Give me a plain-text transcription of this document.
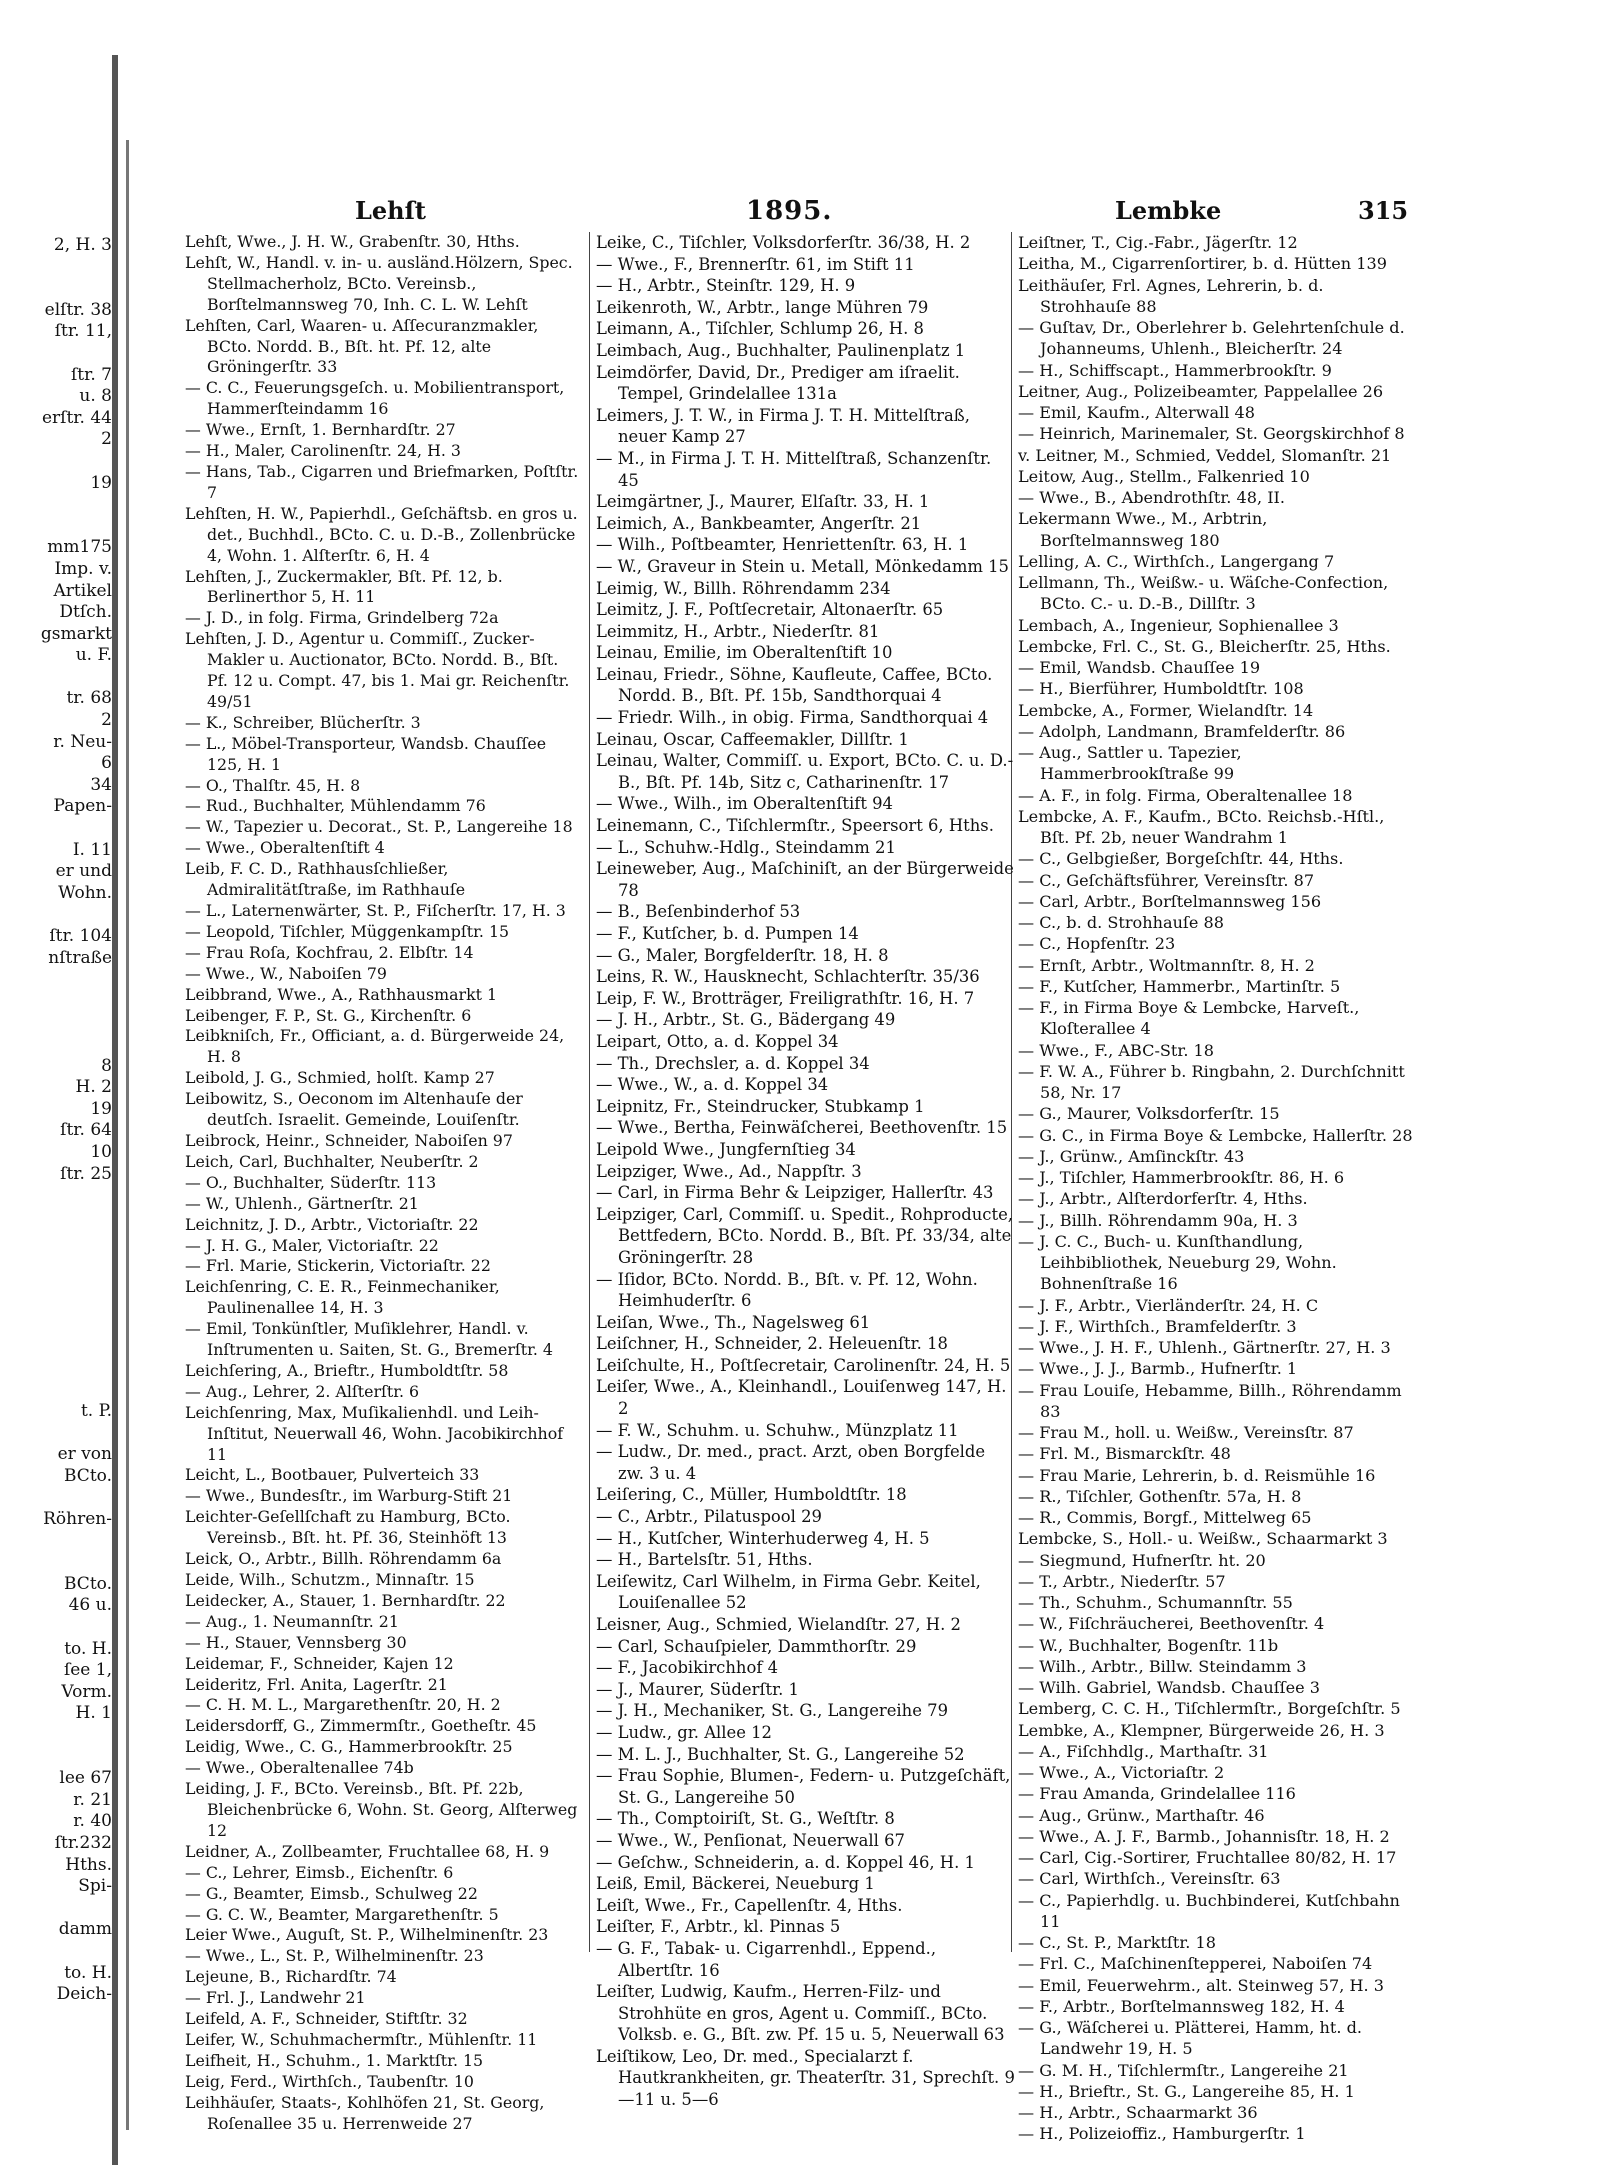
2, H. 3
elſtr. 38
ſtr. 11,
ſtr. 7
u. 8
erſtr. 44
2
19
mm175
Imp. v.
Artikel
Dtſch.
gsmarkt
u. F.
tr. 68
2
r. Neu-
6
34
Papen-
I. 11
er und
Wohn.
ſtr. 104
nſtraße
8
H. 2
19
ſtr. 64
10
ſtr. 25
t. P.
er von
BCto.
Röhren-
BCto.
46 u.
to. H.
ſee 1,
Vorm.
H. 1
lee 67
r. 21
r. 40
ſtr.232
Hths.
Spi-
damm
to. H.
Deich-
Lehſt	1895.	Lembke	315
Lehſt, Wwe., J. H. W., Grabenſtr. 30, Hths.
Lehſt, W., Handl. v. in- u. ausländ.Hölzern, Spec. Stellmacherholz, BCto. Vereinsb., Borſtelmannsweg 70, Inh. C. L. W. Lehſt
Lehſten, Carl, Waaren- u. Aſſecuranzmakler, BCto. Nordd. B., Bſt. ht. Pf. 12, alte Gröningerſtr. 33
— C. C., Feuerungsgeſch. u. Mobilientransport, Hammerſteindamm 16
— Wwe., Ernſt, 1. Bernhardſtr. 27
— H., Maler, Carolinenſtr. 24, H. 3
— Hans, Tab., Cigarren und Briefmarken, Poſtſtr. 7
Lehſten, H. W., Papierhdl., Geſchäftsb. en gros u. det., Buchhdl., BCto. C. u. D.-B., Zollenbrücke 4, Wohn. 1. Alſterſtr. 6, H. 4
Lehſten, J., Zuckermakler, Bſt. Pf. 12, b. Berlinerthor 5, H. 11
— J. D., in folg. Firma, Grindelberg 72a
Lehſten, J. D., Agentur u. Commiſſ., Zucker-Makler u. Auctionator, BCto. Nordd. B., Bſt. Pf. 12 u. Compt. 47, bis 1. Mai gr. Reichenſtr. 49/51
— K., Schreiber, Blücherſtr. 3
— L., Möbel-Transporteur, Wandsb. Chauſſee 125, H. 1
— O., Thalſtr. 45, H. 8
— Rud., Buchhalter, Mühlendamm 76
— W., Tapezier u. Decorat., St. P., Langereihe 18
— Wwe., Oberaltenſtift 4
Leib, F. C. D., Rathhausſchließer, Admiralitätſtraße, im Rathhauſe
— L., Laternenwärter, St. P., Fiſcherſtr. 17, H. 3
— Leopold, Tiſchler, Müggenkampſtr. 15
— Frau Roſa, Kochfrau, 2. Elbſtr. 14
— Wwe., W., Naboiſen 79
Leibbrand, Wwe., A., Rathhausmarkt 1
Leibenger, F. P., St. G., Kirchenſtr. 6
Leibkniſch, Fr., Officiant, a. d. Bürgerweide 24, H. 8
Leibold, J. G., Schmied, holſt. Kamp 27
Leibowitz, S., Oeconom im Altenhauſe der deutſch. Israelit. Gemeinde, Louiſenſtr.
Leibrock, Heinr., Schneider, Naboiſen 97
Leich, Carl, Buchhalter, Neuberſtr. 2
— O., Buchhalter, Süderſtr. 113
— W., Uhlenh., Gärtnerſtr. 21
Leichnitz, J. D., Arbtr., Victoriaſtr. 22
— J. H. G., Maler, Victoriaſtr. 22
— Frl. Marie, Stickerin, Victoriaſtr. 22
Leichſenring, C. E. R., Feinmechaniker, Paulinenallee 14, H. 3
— Emil, Tonkünſtler, Muſiklehrer, Handl. v. Inſtrumenten u. Saiten, St. G., Bremerſtr. 4
Leichſering, A., Brieftr., Humboldtſtr. 58
— Aug., Lehrer, 2. Alſterſtr. 6
Leichſenring, Max, Muſikalienhdl. und Leih-Inſtitut, Neuerwall 46, Wohn. Jacobikirchhof 11
Leicht, L., Bootbauer, Pulverteich 33
— Wwe., Bundesſtr., im Warburg-Stift 21
Leichter-Geſellſchaft zu Hamburg, BCto. Vereinsb., Bſt. ht. Pf. 36, Steinhöft 13
Leick, O., Arbtr., Billh. Röhrendamm 6a
Leide, Wilh., Schutzm., Minnaſtr. 15
Leidecker, A., Stauer, 1. Bernhardſtr. 22
— Aug., 1. Neumannſtr. 21
— H., Stauer, Vennsberg 30
Leidemar, F., Schneider, Kajen 12
Leideritz, Frl. Anita, Lagerſtr. 21
— C. H. M. L., Margarethenſtr. 20, H. 2
Leidersdorff, G., Zimmermſtr., Goetheſtr. 45
Leidig, Wwe., C. G., Hammerbrookſtr. 25
— Wwe., Oberaltenallee 74b
Leiding, J. F., BCto. Vereinsb., Bſt. Pf. 22b, Bleichenbrücke 6, Wohn. St. Georg, Alſterweg 12
Leidner, A., Zollbeamter, Fruchtallee 68, H. 9
— C., Lehrer, Eimsb., Eichenſtr. 6
— G., Beamter, Eimsb., Schulweg 22
— G. C. W., Beamter, Margarethenſtr. 5
Leier Wwe., Auguſt, St. P., Wilhelminenſtr. 23
— Wwe., L., St. P., Wilhelminenſtr. 23
Lejeune, B., Richardſtr. 74
— Frl. J., Landwehr 21
Leifeld, A. F., Schneider, Stiftſtr. 32
Leifer, W., Schuhmachermſtr., Mühlenſtr. 11
Leifheit, H., Schuhm., 1. Marktſtr. 15
Leig, Ferd., Wirthſch., Taubenſtr. 10
Leihhäuſer, Staats-, Kohlhöfen 21, St. Georg, Roſenallee 35 u. Herrenweide 27
Leike, C., Tiſchler, Volksdorferſtr. 36/38, H. 2
— Wwe., F., Brennerſtr. 61, im Stift 11
— H., Arbtr., Steinſtr. 129, H. 9
Leikenroth, W., Arbtr., lange Mühren 79
Leimann, A., Tiſchler, Schlump 26, H. 8
Leimbach, Aug., Buchhalter, Paulinenplatz 1
Leimdörfer, David, Dr., Prediger am iſraelit. Tempel, Grindelallee 131a
Leimers, J. T. W., in Firma J. T. H. Mittelſtraß, neuer Kamp 27
— M., in Firma J. T. H. Mittelſtraß, Schanzenſtr. 45
Leimgärtner, J., Maurer, Elſaſtr. 33, H. 1
Leimich, A., Bankbeamter, Angerſtr. 21
— Wilh., Poſtbeamter, Henriettenſtr. 63, H. 1
— W., Graveur in Stein u. Metall, Mönkedamm 15
Leimig, W., Billh. Röhrendamm 234
Leimitz, J. F., Poſtſecretair, Altonaerſtr. 65
Leimmitz, H., Arbtr., Niederſtr. 81
Leinau, Emilie, im Oberaltenſtift 10
Leinau, Friedr., Söhne, Kaufleute, Caffee, BCto. Nordd. B., Bſt. Pf. 15b, Sandthorquai 4
— Friedr. Wilh., in obig. Firma, Sandthorquai 4
Leinau, Oscar, Caffeemakler, Dillſtr. 1
Leinau, Walter, Commiſſ. u. Export, BCto. C. u. D.-B., Bſt. Pf. 14b, Sitz c, Catharinenſtr. 17
— Wwe., Wilh., im Oberaltenſtift 94
Leinemann, C., Tiſchlermſtr., Speersort 6, Hths.
— L., Schuhw.-Hdlg., Steindamm 21
Leineweber, Aug., Maſchiniſt, an der Bürgerweide 78
— B., Beſenbinderhof 53
— F., Kutſcher, b. d. Pumpen 14
— G., Maler, Borgfelderſtr. 18, H. 8
Leins, R. W., Hausknecht, Schlachterſtr. 35/36
Leip, F. W., Brotträger, Freiligrathſtr. 16, H. 7
— J. H., Arbtr., St. G., Bädergang 49
Leipart, Otto, a. d. Koppel 34
— Th., Drechsler, a. d. Koppel 34
— Wwe., W., a. d. Koppel 34
Leipnitz, Fr., Steindrucker, Stubkamp 1
— Wwe., Bertha, Feinwäſcherei, Beethovenſtr. 15
Leipold Wwe., Jungfernſtieg 34
Leipziger, Wwe., Ad., Nappſtr. 3
— Carl, in Firma Behr & Leipziger, Hallerſtr. 43
Leipziger, Carl, Commiſſ. u. Spedit., Rohproducte, Bettfedern, BCto. Nordd. B., Bſt. Pf. 33/34, alte Gröningerſtr. 28
— Iſidor, BCto. Nordd. B., Bſt. v. Pf. 12, Wohn. Heimhuderſtr. 6
Leiſan, Wwe., Th., Nagelsweg 61
Leiſchner, H., Schneider, 2. Heleuenſtr. 18
Leiſchulte, H., Poſtſecretair, Carolinenſtr. 24, H. 5
Leiſer, Wwe., A., Kleinhandl., Louiſenweg 147, H. 2
— F. W., Schuhm. u. Schuhw., Münzplatz 11
— Ludw., Dr. med., pract. Arzt, oben Borgfelde zw. 3 u. 4
Leiſering, C., Müller, Humboldtſtr. 18
— C., Arbtr., Pilatuspool 29
— H., Kutſcher, Winterhuderweg 4, H. 5
— H., Bartelsſtr. 51, Hths.
Leiſewitz, Carl Wilhelm, in Firma Gebr. Keitel, Louiſenallee 52
Leisner, Aug., Schmied, Wielandſtr. 27, H. 2
— Carl, Schauſpieler, Dammthorſtr. 29
— F., Jacobikirchhof 4
— J., Maurer, Süderſtr. 1
— J. H., Mechaniker, St. G., Langereihe 79
— Ludw., gr. Allee 12
— M. L. J., Buchhalter, St. G., Langereihe 52
— Frau Sophie, Blumen-, Federn- u. Putzgeſchäft, St. G., Langereihe 50
— Th., Comptoiriſt, St. G., Weſtſtr. 8
— Wwe., W., Penſionat, Neuerwall 67
— Geſchw., Schneiderin, a. d. Koppel 46, H. 1
Leiß, Emil, Bäckerei, Neueburg 1
Leiſt, Wwe., Fr., Capellenſtr. 4, Hths.
Leiſter, F., Arbtr., kl. Pinnas 5
— G. F., Tabak- u. Cigarrenhdl., Eppend., Albertſtr. 16
Leiſter, Ludwig, Kaufm., Herren-Filz- und Strohhüte en gros, Agent u. Commiſſ., BCto. Volksb. e. G., Bſt. zw. Pf. 15 u. 5, Neuerwall 63
Leiſtikow, Leo, Dr. med., Specialarzt f. Hautkrankheiten, gr. Theaterſtr. 31, Sprechſt. 9—11 u. 5—6
Leiſtner, T., Cig.-Fabr., Jägerſtr. 12
Leitha, M., Cigarrenſortirer, b. d. Hütten 139
Leithäuſer, Frl. Agnes, Lehrerin, b. d. Strohhauſe 88
— Guſtav, Dr., Oberlehrer b. Gelehrtenſchule d. Johanneums, Uhlenh., Bleicherſtr. 24
— H., Schiffscapt., Hammerbrookſtr. 9
Leitner, Aug., Polizeibeamter, Pappelallee 26
— Emil, Kaufm., Alterwall 48
— Heinrich, Marinemaler, St. Georgskirchhof 8
v. Leitner, M., Schmied, Veddel, Slomanſtr. 21
Leitow, Aug., Stellm., Falkenried 10
— Wwe., B., Abendrothſtr. 48, II.
Lekermann Wwe., M., Arbtrin, Borſtelmannsweg 180
Lelling, A. C., Wirthſch., Langergang 7
Lellmann, Th., Weißw.- u. Wäſche-Confection, BCto. C.- u. D.-B., Dillſtr. 3
Lembach, A., Ingenieur, Sophienallee 3
Lembcke, Frl. C., St. G., Bleicherſtr. 25, Hths.
— Emil, Wandsb. Chauſſee 19
— H., Bierführer, Humboldtſtr. 108
Lembcke, A., Former, Wielandſtr. 14
— Adolph, Landmann, Bramfelderſtr. 86
— Aug., Sattler u. Tapezier, Hammerbrookſtraße 99
— A. F., in folg. Firma, Oberaltenallee 18
Lembcke, A. F., Kaufm., BCto. Reichsb.-Hſtl., Bſt. Pf. 2b, neuer Wandrahm 1
— C., Gelbgießer, Borgeſchſtr. 44, Hths.
— C., Geſchäftsführer, Vereinsſtr. 87
— Carl, Arbtr., Borſtelmannsweg 156
— C., b. d. Strohhauſe 88
— C., Hopfenſtr. 23
— Ernſt, Arbtr., Woltmannſtr. 8, H. 2
— F., Kutſcher, Hammerbr., Martinſtr. 5
— F., in Firma Boye & Lembcke, Harveſt., Kloſterallee 4
— Wwe., F., ABC-Str. 18
— F. W. A., Führer b. Ringbahn, 2. Durchſchnitt 58, Nr. 17
— G., Maurer, Volksdorferſtr. 15
— G. C., in Firma Boye & Lembcke, Hallerſtr. 28
— J., Grünw., Amſinckſtr. 43
— J., Tiſchler, Hammerbrookſtr. 86, H. 6
— J., Arbtr., Alſterdorferſtr. 4, Hths.
— J., Billh. Röhrendamm 90a, H. 3
— J. C. C., Buch- u. Kunſthandlung, Leihbibliothek, Neueburg 29, Wohn. Bohnenſtraße 16
— J. F., Arbtr., Vierländerſtr. 24, H. C
— J. F., Wirthſch., Bramfelderſtr. 3
— Wwe., J. H. F., Uhlenh., Gärtnerſtr. 27, H. 3
— Wwe., J. J., Barmb., Hufnerſtr. 1
— Frau Louiſe, Hebamme, Billh., Röhrendamm 83
— Frau M., holl. u. Weißw., Vereinsſtr. 87
— Frl. M., Bismarckſtr. 48
— Frau Marie, Lehrerin, b. d. Reismühle 16
— R., Tiſchler, Gothenſtr. 57a, H. 8
— R., Commis, Borgf., Mittelweg 65
Lembcke, S., Holl.- u. Weißw., Schaarmarkt 3
— Siegmund, Hufnerſtr. ht. 20
— T., Arbtr., Niederſtr. 57
— Th., Schuhm., Schumannſtr. 55
— W., Fiſchräucherei, Beethovenſtr. 4
— W., Buchhalter, Bogenſtr. 11b
— Wilh., Arbtr., Billw. Steindamm 3
— Wilh. Gabriel, Wandsb. Chauſſee 3
Lemberg, C. C. H., Tiſchlermſtr., Borgeſchſtr. 5
Lembke, A., Klempner, Bürgerweide 26, H. 3
— A., Fiſchhdlg., Marthaſtr. 31
— Wwe., A., Victoriaſtr. 2
— Frau Amanda, Grindelallee 116
— Aug., Grünw., Marthaſtr. 46
— Wwe., A. J. F., Barmb., Johannisſtr. 18, H. 2
— Carl, Cig.-Sortirer, Fruchtallee 80/82, H. 17
— Carl, Wirthſch., Vereinsſtr. 63
— C., Papierhdlg. u. Buchbinderei, Kutſchbahn 11
— C., St. P., Marktſtr. 18
— Frl. C., Maſchinenſtepperei, Naboiſen 74
— Emil, Feuerwehrm., alt. Steinweg 57, H. 3
— F., Arbtr., Borſtelmannsweg 182, H. 4
— G., Wäſcherei u. Plätterei, Hamm, ht. d. Landwehr 19, H. 5
— G. M. H., Tiſchlermſtr., Langereihe 21
— H., Brieftr., St. G., Langereihe 85, H. 1
— H., Arbtr., Schaarmarkt 36
— H., Polizeioffiz., Hamburgerſtr. 1
